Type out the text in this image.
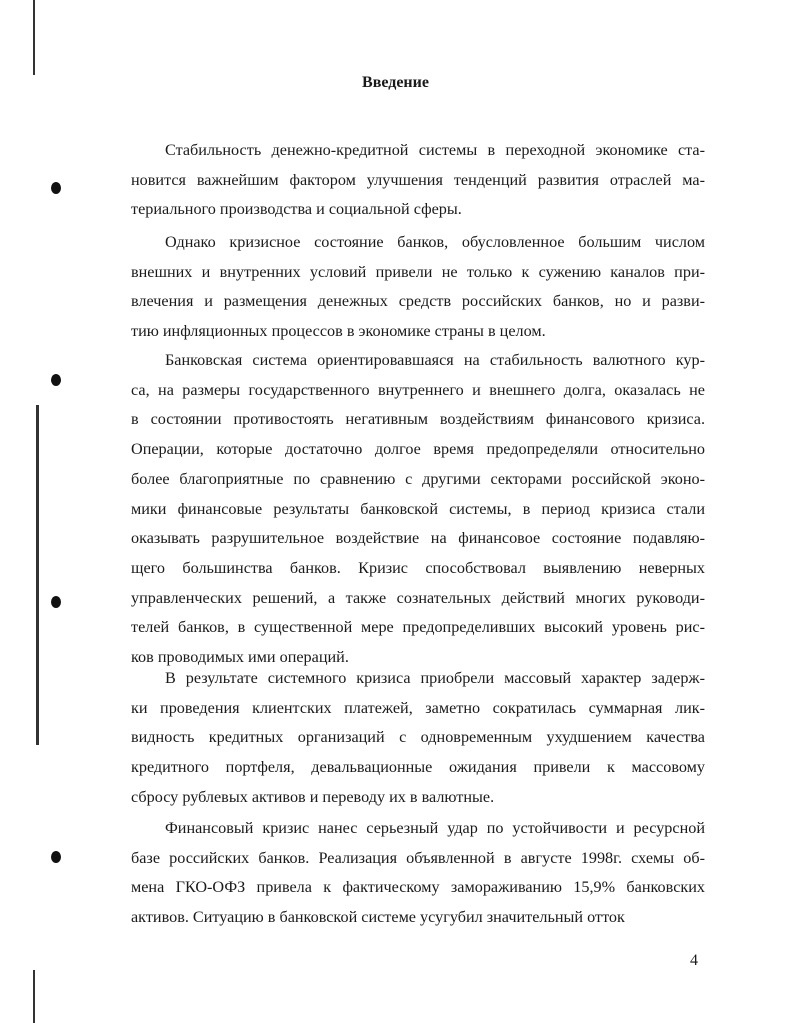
Введение
Стабильность денежно-кредитной системы в переходной экономике ста-
новится важнейшим фактором улучшения тенденций развития отраслей ма-
териального производства и социальной сферы.
Однако кризисное состояние банков, обусловленное большим числом
внешних и внутренних условий привели не только к сужению каналов при-
влечения и размещения денежных средств российских банков, но и разви-
тию инфляционных процессов в экономике страны в целом.
Банковская система ориентировавшаяся на стабильность валютного кур-
са, на размеры государственного внутреннего и внешнего долга, оказалась не
в состоянии противостоять негативным воздействиям финансового кризиса.
Операции, которые достаточно долгое время предопределяли относительно
более благоприятные по сравнению с другими секторами российской эконо-
мики финансовые результаты банковской системы, в период кризиса стали
оказывать разрушительное воздействие на финансовое состояние подавляю-
щего большинства банков. Кризис способствовал выявлению неверных
управленческих решений, а также сознательных действий многих руководи-
телей банков, в существенной мере предопределивших высокий уровень рис-
ков проводимых ими операций.
В результате системного кризиса приобрели массовый характер задерж-
ки проведения клиентских платежей, заметно сократилась суммарная лик-
видность кредитных организаций с одновременным ухудшением качества
кредитного портфеля, девальвационные ожидания привели к массовому
сбросу рублевых активов и переводу их в валютные.
Финансовый кризис нанес серьезный удар по устойчивости и ресурсной
базе российских банков. Реализация объявленной в августе 1998г. схемы об-
мена ГКО-ОФЗ привела к фактическому замораживанию 15,9% банковских
активов. Ситуацию в банковской системе усугубил значительный отток
4
